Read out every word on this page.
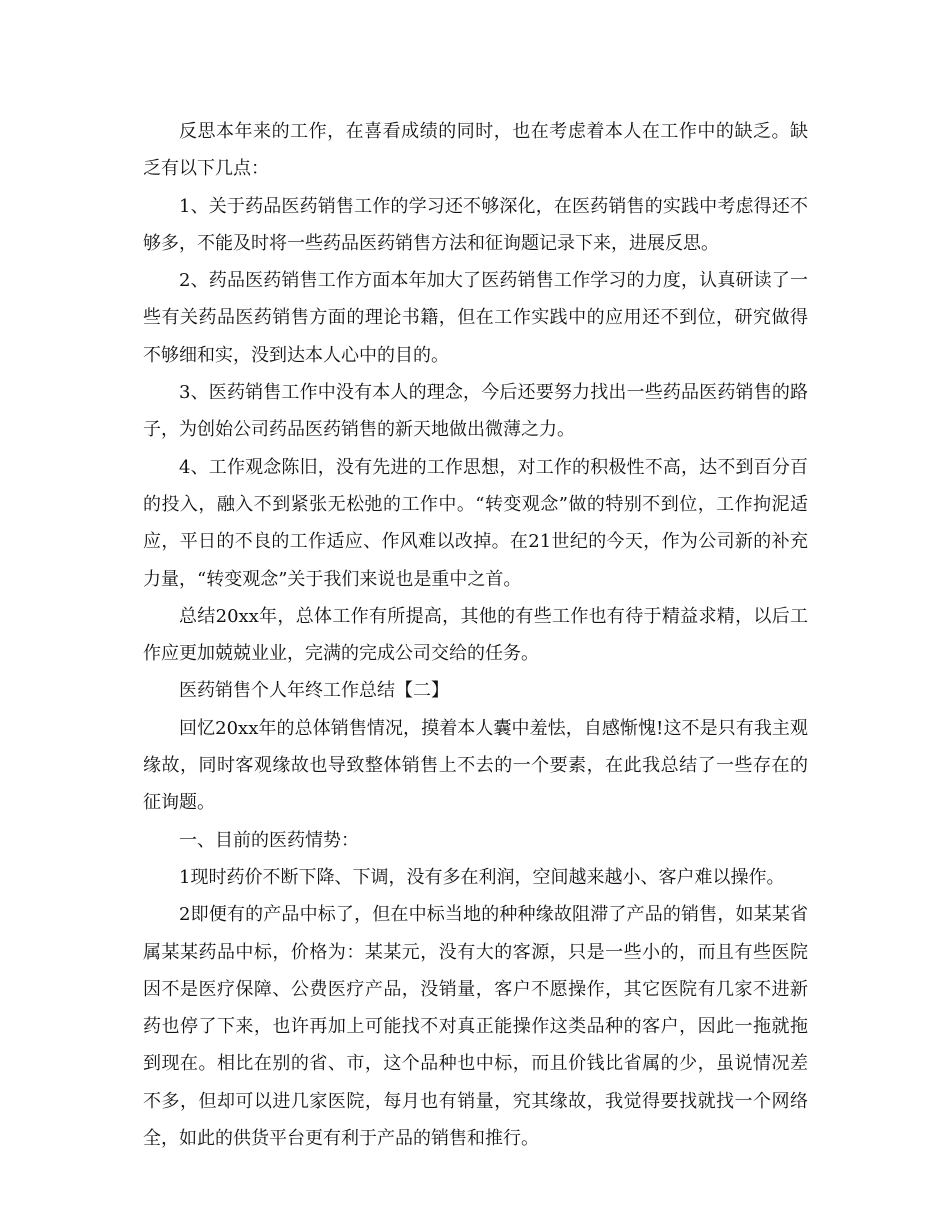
反思本年来的工作，在喜看成绩的同时，也在考虑着本人在工作中的缺乏。缺乏有以下几点：

1、关于药品医药销售工作的学习还不够深化，在医药销售的实践中考虑得还不够多，不能及时将一些药品医药销售方法和征询题记录下来，进展反思。

2、药品医药销售工作方面本年加大了医药销售工作学习的力度，认真研读了一些有关药品医药销售方面的理论书籍，但在工作实践中的应用还不到位，研究做得不够细和实，没到达本人心中的目的。

3、医药销售工作中没有本人的理念，今后还要努力找出一些药品医药销售的路子，为创始公司药品医药销售的新天地做出微薄之力。

4、工作观念陈旧，没有先进的工作思想，对工作的积极性不高，达不到百分百的投入，融入不到紧张无松弛的工作中。“转变观念”做的特别不到位，工作拘泥适应，平日的不良的工作适应、作风难以改掉。在21世纪的今天，作为公司新的补充力量，“转变观念”关于我们来说也是重中之首。

总结20xx年，总体工作有所提高，其他的有些工作也有待于精益求精，以后工作应更加兢兢业业，完满的完成公司交给的任务。

医药销售个人年终工作总结【二】

回忆20xx年的总体销售情况，摸着本人囊中羞怯，自感惭愧!这不是只有我主观缘故，同时客观缘故也导致整体销售上不去的一个要素，在此我总结了一些存在的征询题。

一、目前的医药情势：

1现时药价不断下降、下调，没有多在利润，空间越来越小、客户难以操作。

2即便有的产品中标了，但在中标当地的种种缘故阻滞了产品的销售，如某某省属某某药品中标，价格为：某某元，没有大的客源，只是一些小的，而且有些医院因不是医疗保障、公费医疗产品，没销量，客户不愿操作，其它医院有几家不进新药也停了下来，也许再加上可能找不对真正能操作这类品种的客户，因此一拖就拖到现在。相比在别的省、市，这个品种也中标，而且价钱比省属的少，虽说情况差不多，但却可以进几家医院，每月也有销量，究其缘故，我觉得要找就找一个网络全，如此的供货平台更有利于产品的销售和推行。
